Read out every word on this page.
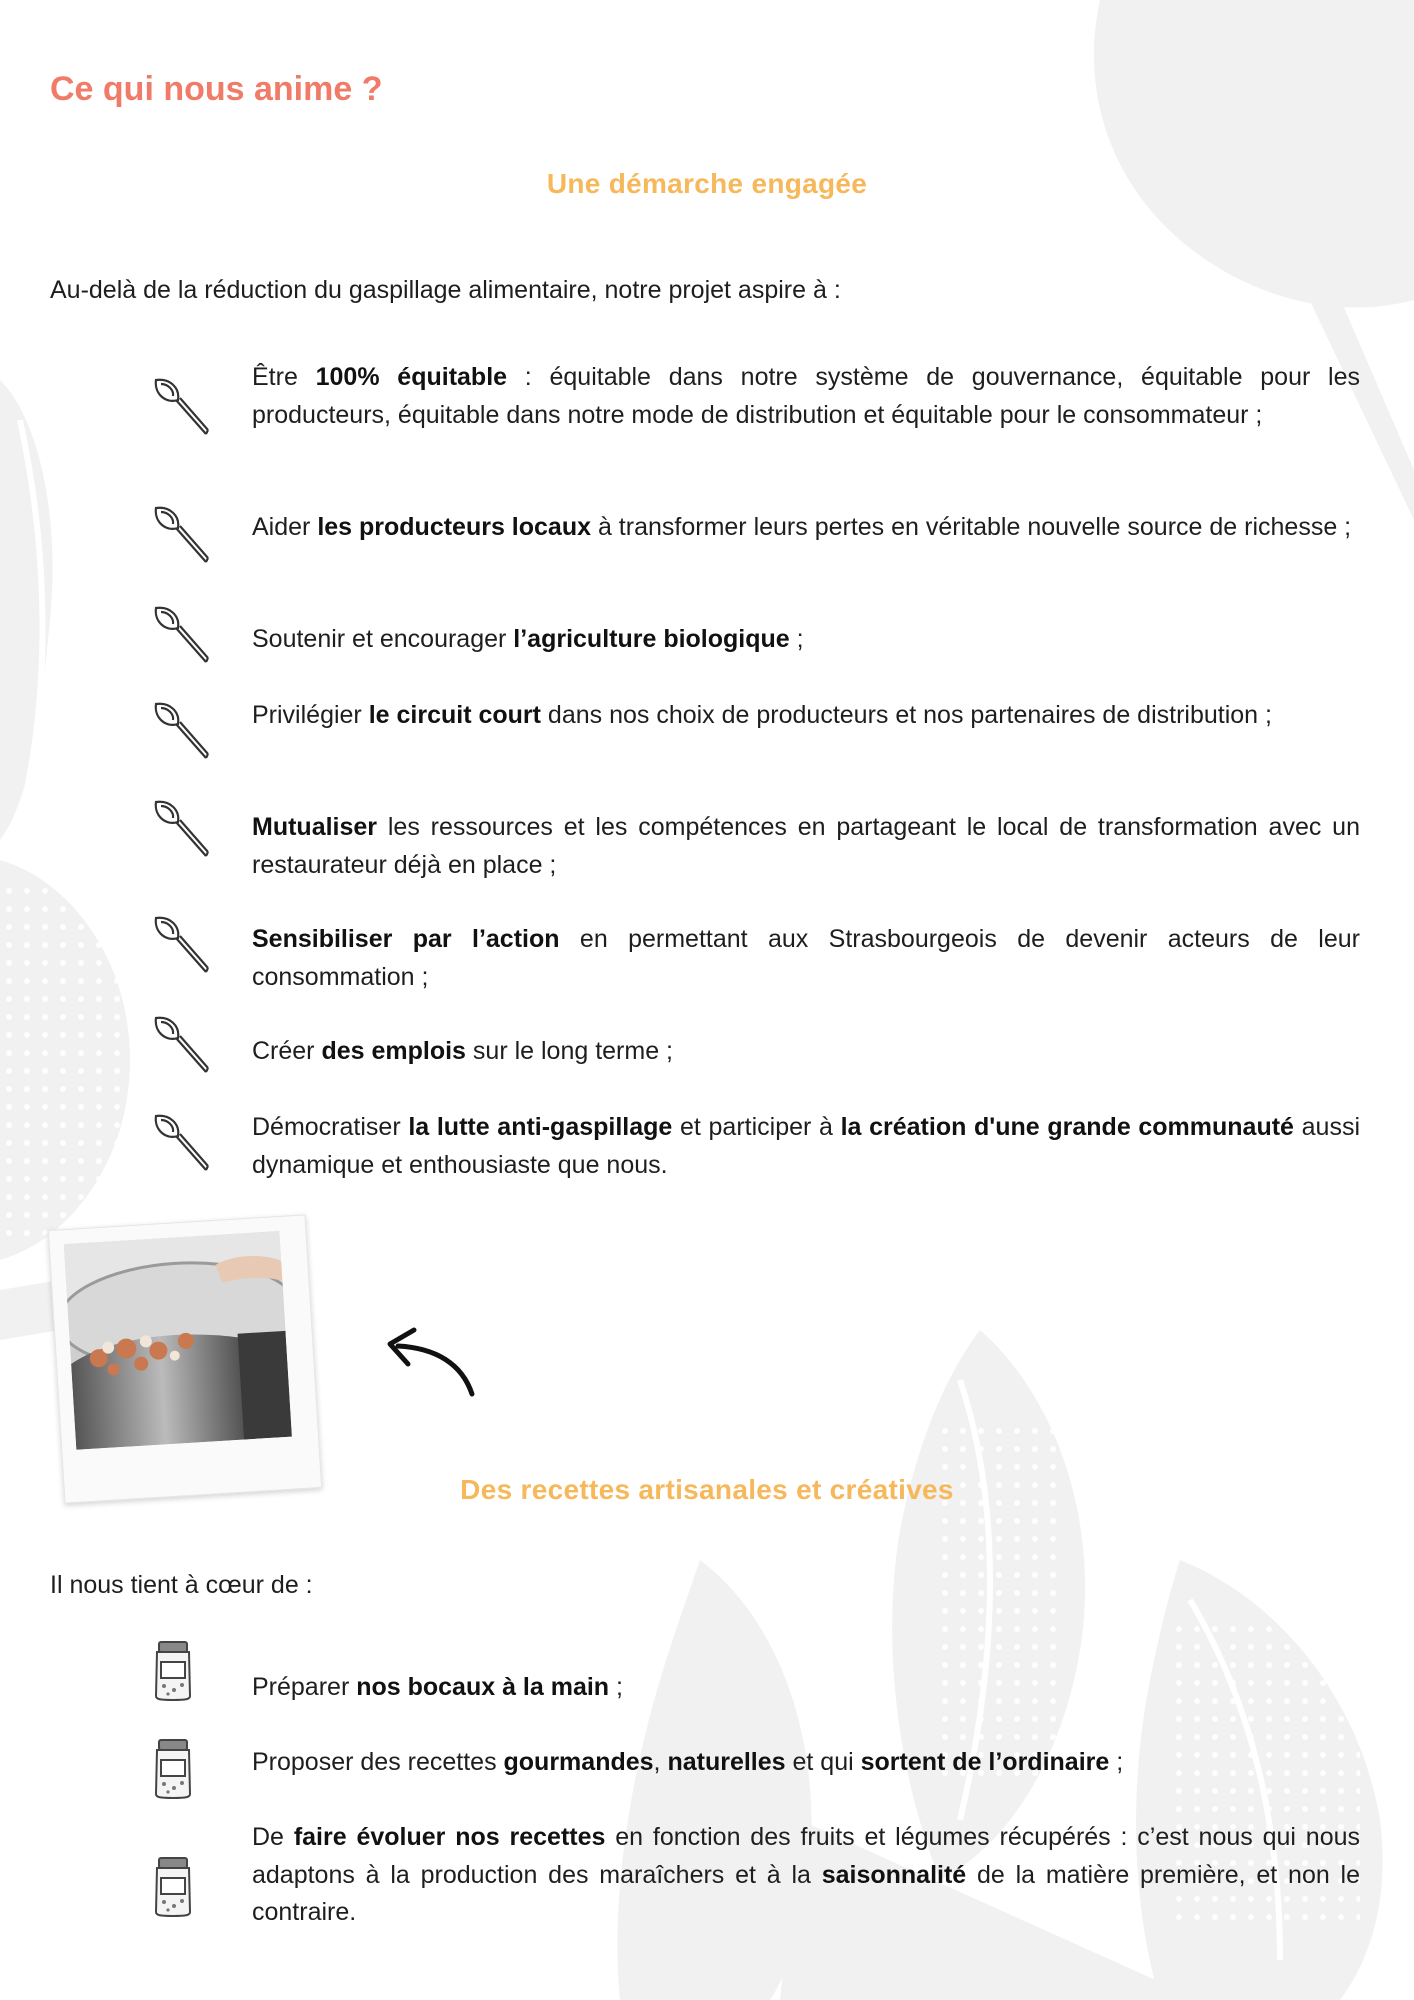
Ce qui nous anime ?
Une démarche engagée

Au-delà de la réduction du gaspillage alimentaire, notre projet aspire à :

Être 100% équitable : équitable dans notre système de gouvernance, équitable pour les producteurs, équitable dans notre mode de distribution et équitable pour le consommateur ;

Aider les producteurs locaux à transformer leurs pertes en véritable nouvelle source de richesse ;

Soutenir et encourager l’agriculture biologique ;

Privilégier le circuit court dans nos choix de producteurs et nos partenaires de distribution ;

Mutualiser les ressources et les compétences en partageant le local de transformation avec un restaurateur déjà en place ;

Sensibiliser par l’action en permettant aux Strasbourgeois de devenir acteurs de leur consommation ;

Créer des emplois sur le long terme ;

Démocratiser la lutte anti-gaspillage et participer à la création d'une grande communauté aussi dynamique et enthousiaste que nous.

Des recettes artisanales et créatives

Il nous tient à cœur de :

Préparer nos bocaux à la main ;

Proposer des recettes gourmandes, naturelles et qui sortent de l’ordinaire ;

De faire évoluer nos recettes en fonction des fruits et légumes récupérés : c’est nous qui nous adaptons à la production des maraîchers et à la saisonnalité de la matière première, et non le contraire.
